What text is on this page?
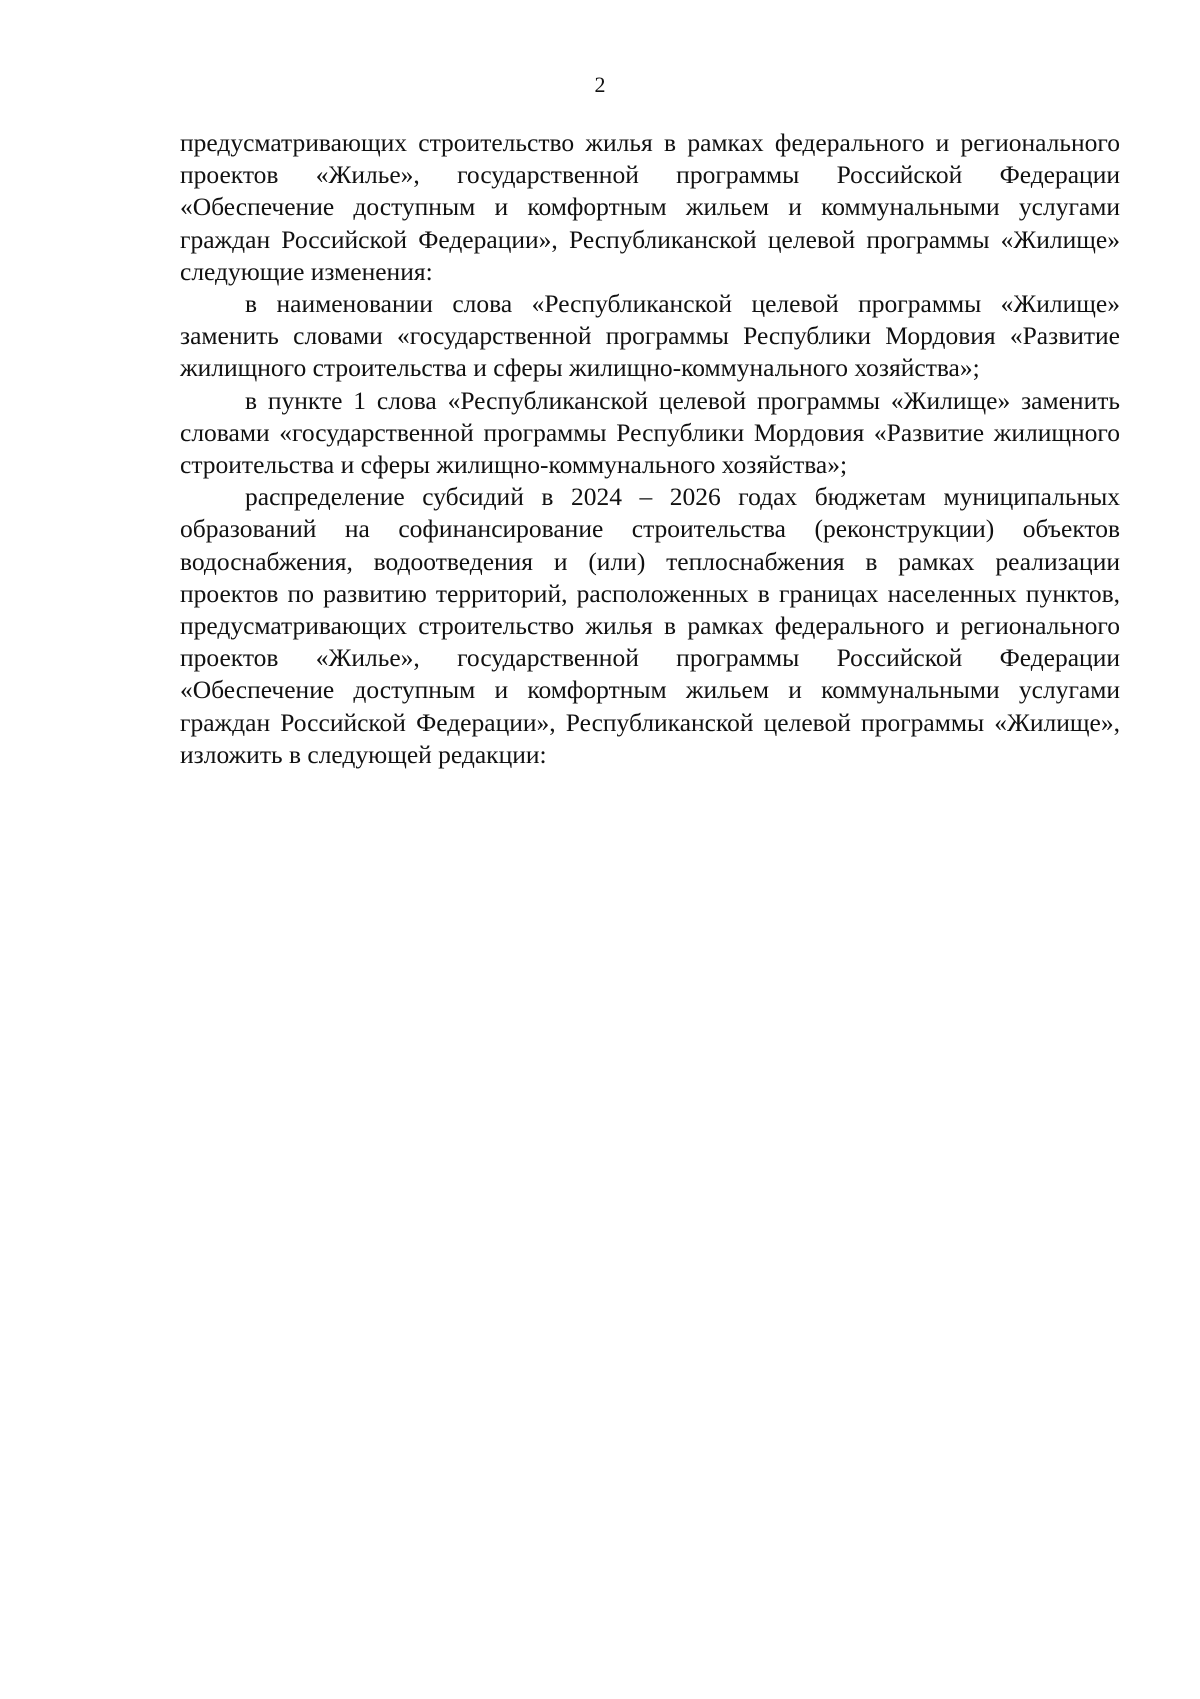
2

предусматривающих строительство жилья в рамках федерального и регионального проектов «Жилье», государственной программы Российской Федерации «Обеспечение доступным и комфортным жильем и коммунальными услугами граждан Российской Федерации», Республиканской целевой программы «Жилище» следующие изменения:

в наименовании слова «Республиканской целевой программы «Жилище» заменить словами «государственной программы Республики Мордовия «Развитие жилищного строительства и сферы жилищно-коммунального хозяйства»;

в пункте 1 слова «Республиканской целевой программы «Жилище» заменить словами «государственной программы Республики Мордовия «Развитие жилищного строительства и сферы жилищно-коммунального хозяйства»;

распределение субсидий в 2024 – 2026 годах бюджетам муниципальных образований на софинансирование строительства (реконструкции) объектов водоснабжения, водоотведения и (или) теплоснабжения в рамках реализации проектов по развитию территорий, расположенных в границах населенных пунктов, предусматривающих строительство жилья в рамках федерального и регионального проектов «Жилье», государственной программы Российской Федерации «Обеспечение доступным и комфортным жильем и коммунальными услугами граждан Российской Федерации», Республиканской целевой программы «Жилище», изложить в следующей редакции:
